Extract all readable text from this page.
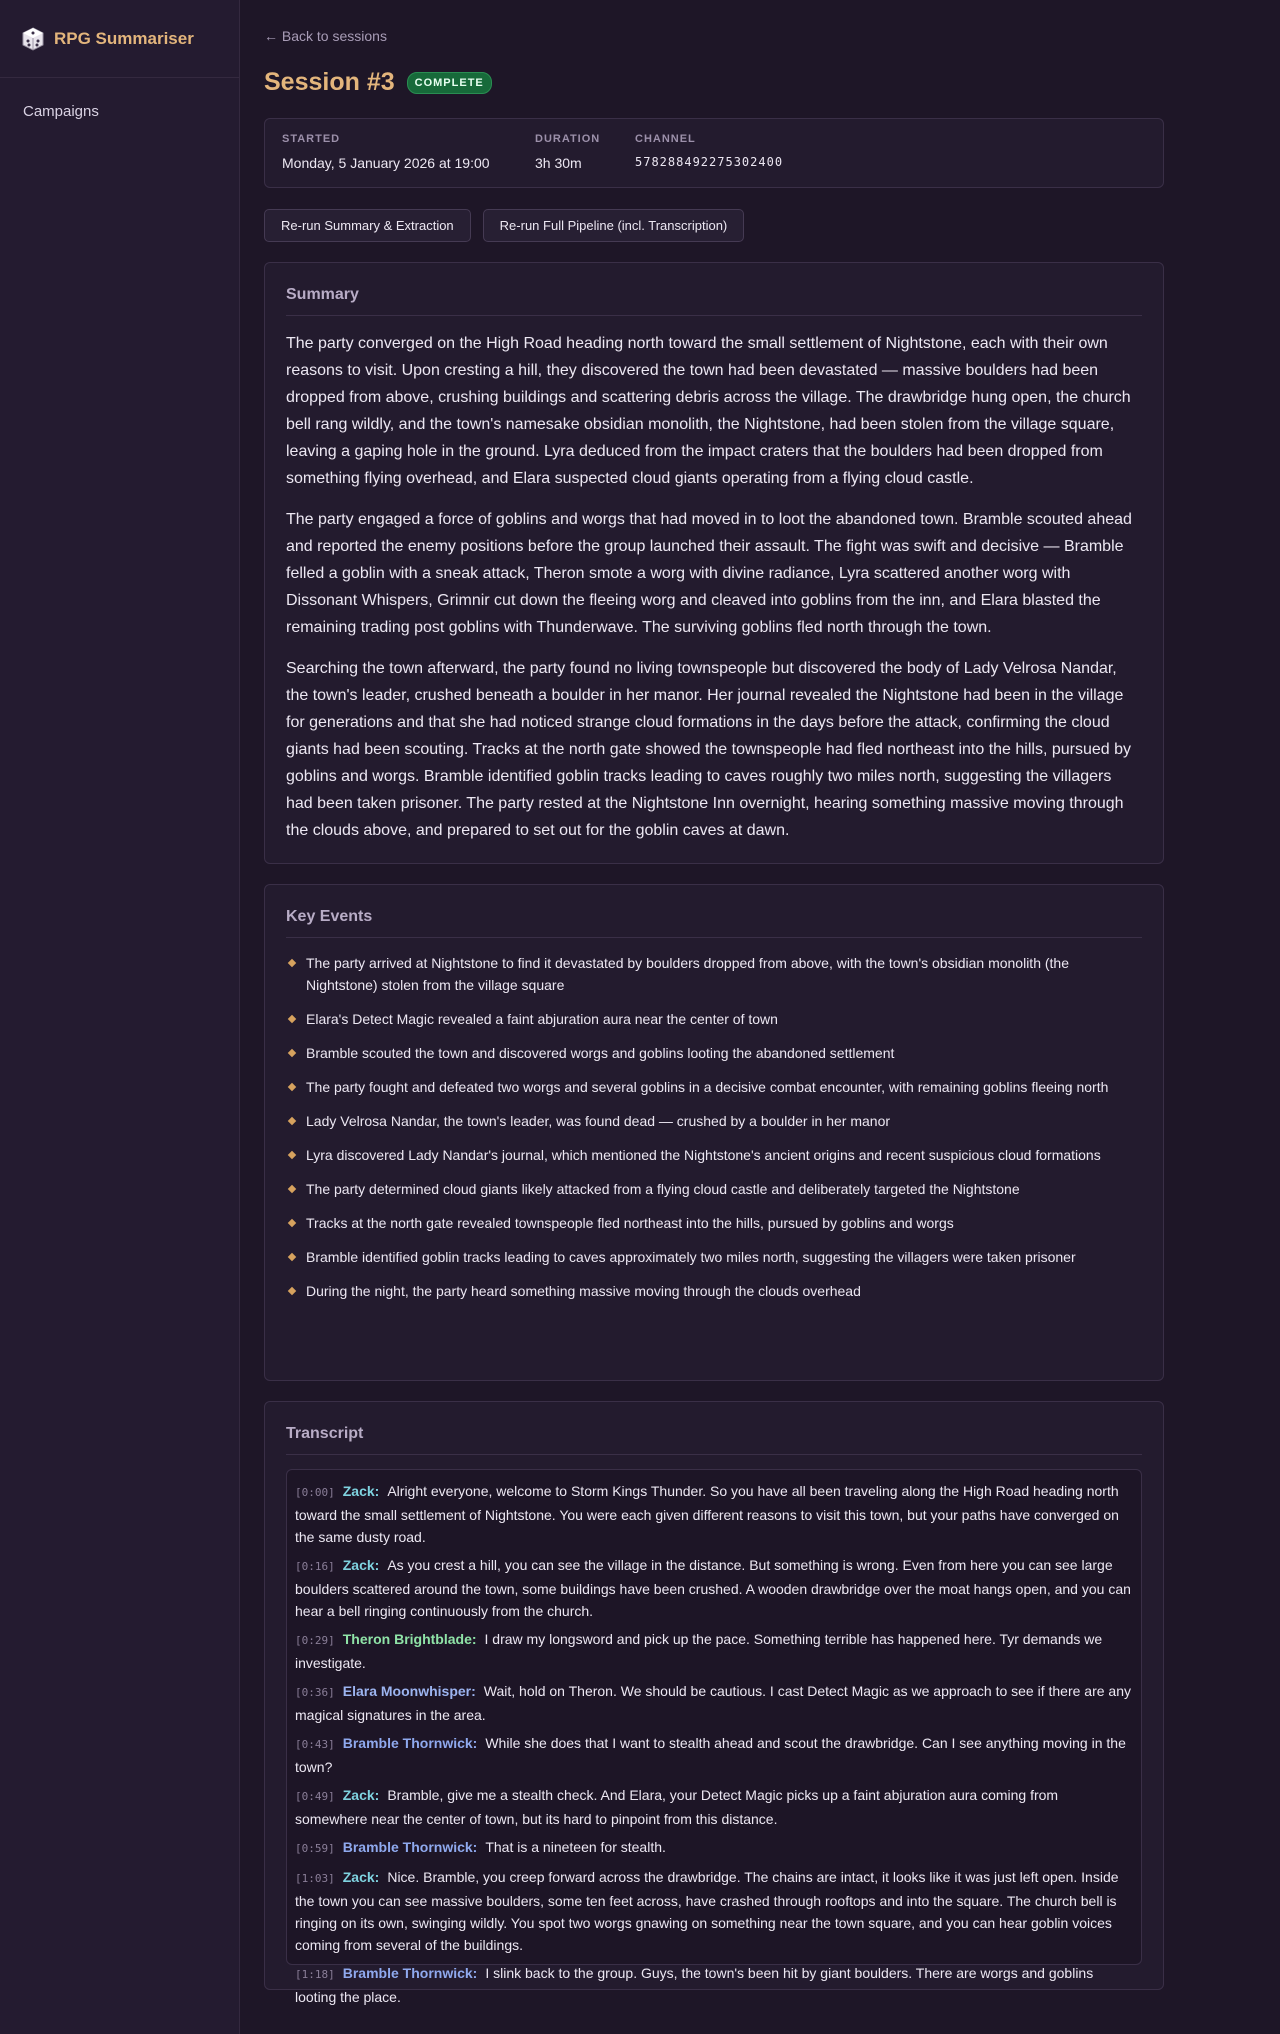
RPG Summariser
Campaigns
← Back to sessions
Session #3	COMPLETE
STARTED
Monday, 5 January 2026 at 19:00
DURATION
3h 30m
CHANNEL
578288492275302400
Re-run Summary & Extraction	Re-run Full Pipeline (incl. Transcription)
Summary

The party converged on the High Road heading north toward the small settlement of Nightstone, each with their own reasons to visit. Upon cresting a hill, they discovered the town had been devastated — massive boulders had been dropped from above, crushing buildings and scattering debris across the village. The drawbridge hung open, the church bell rang wildly, and the town's namesake obsidian monolith, the Nightstone, had been stolen from the village square, leaving a gaping hole in the ground. Lyra deduced from the impact craters that the boulders had been dropped from something flying overhead, and Elara suspected cloud giants operating from a flying cloud castle.

The party engaged a force of goblins and worgs that had moved in to loot the abandoned town. Bramble scouted ahead and reported the enemy positions before the group launched their assault. The fight was swift and decisive — Bramble felled a goblin with a sneak attack, Theron smote a worg with divine radiance, Lyra scattered another worg with Dissonant Whispers, Grimnir cut down the fleeing worg and cleaved into goblins from the inn, and Elara blasted the remaining trading post goblins with Thunderwave. The surviving goblins fled north through the town.

Searching the town afterward, the party found no living townspeople but discovered the body of Lady Velrosa Nandar, the town's leader, crushed beneath a boulder in her manor. Her journal revealed the Nightstone had been in the village for generations and that she had noticed strange cloud formations in the days before the attack, confirming the cloud giants had been scouting. Tracks at the north gate showed the townspeople had fled northeast into the hills, pursued by goblins and worgs. Bramble identified goblin tracks leading to caves roughly two miles north, suggesting the villagers had been taken prisoner. The party rested at the Nightstone Inn overnight, hearing something massive moving through the clouds above, and prepared to set out for the goblin caves at dawn.

Key Events
The party arrived at Nightstone to find it devastated by boulders dropped from above, with the town's obsidian monolith (the Nightstone) stolen from the village square
Elara's Detect Magic revealed a faint abjuration aura near the center of town
Bramble scouted the town and discovered worgs and goblins looting the abandoned settlement
The party fought and defeated two worgs and several goblins in a decisive combat encounter, with remaining goblins fleeing north
Lady Velrosa Nandar, the town's leader, was found dead — crushed by a boulder in her manor
Lyra discovered Lady Nandar's journal, which mentioned the Nightstone's ancient origins and recent suspicious cloud formations
The party determined cloud giants likely attacked from a flying cloud castle and deliberately targeted the Nightstone
Tracks at the north gate revealed townspeople fled northeast into the hills, pursued by goblins and worgs
Bramble identified goblin tracks leading to caves approximately two miles north, suggesting the villagers were taken prisoner
During the night, the party heard something massive moving through the clouds overhead
Transcript
[0:00] Zack: Alright everyone, welcome to Storm Kings Thunder. So you have all been traveling along the High Road heading north toward the small settlement of Nightstone. You were each given different reasons to visit this town, but your paths have converged on the same dusty road.
[0:16] Zack: As you crest a hill, you can see the village in the distance. But something is wrong. Even from here you can see large boulders scattered around the town, some buildings have been crushed. A wooden drawbridge over the moat hangs open, and you can hear a bell ringing continuously from the church.
[0:29] Theron Brightblade: I draw my longsword and pick up the pace. Something terrible has happened here. Tyr demands we investigate.
[0:36] Elara Moonwhisper: Wait, hold on Theron. We should be cautious. I cast Detect Magic as we approach to see if there are any magical signatures in the area.
[0:43] Bramble Thornwick: While she does that I want to stealth ahead and scout the drawbridge. Can I see anything moving in the town?
[0:49] Zack: Bramble, give me a stealth check. And Elara, your Detect Magic picks up a faint abjuration aura coming from somewhere near the center of town, but its hard to pinpoint from this distance.
[0:59] Bramble Thornwick: That is a nineteen for stealth.
[1:03] Zack: Nice. Bramble, you creep forward across the drawbridge. The chains are intact, it looks like it was just left open. Inside the town you can see massive boulders, some ten feet across, have crashed through rooftops and into the square. The church bell is ringing on its own, swinging wildly. You spot two worgs gnawing on something near the town square, and you can hear goblin voices coming from several of the buildings.
[1:18] Bramble Thornwick: I slink back to the group. Guys, the town's been hit by giant boulders. There are worgs and goblins looting the place.
